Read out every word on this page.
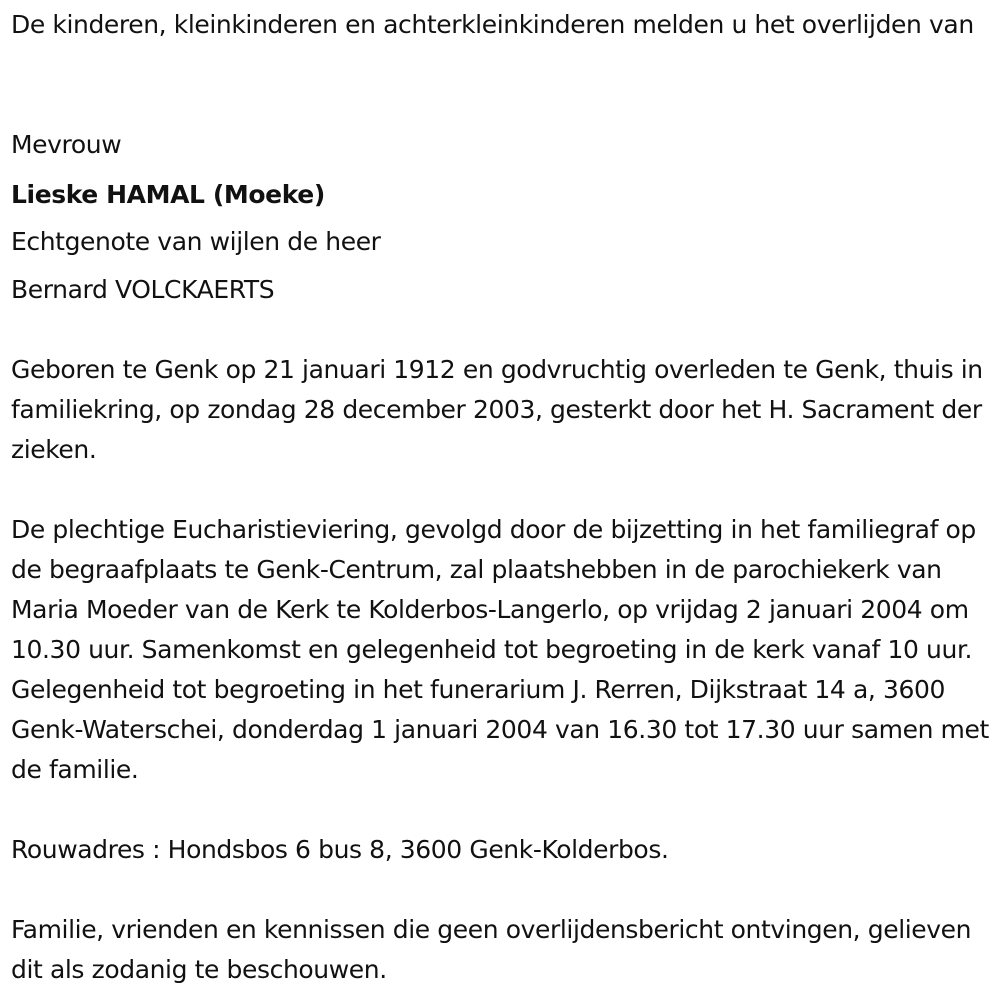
De kinderen, kleinkinderen en achterkleinkinderen melden u het overlijden van

Mevrouw

Lieske HAMAL (Moeke)

Echtgenote van wijlen de heer

Bernard VOLCKAERTS

Geboren te Genk op 21 januari 1912 en godvruchtig overleden te Genk, thuis in familiekring, op zondag 28 december 2003, gesterkt door het H. Sacrament der zieken.

De plechtige Eucharistieviering, gevolgd door de bijzetting in het familiegraf op de begraafplaats te Genk-Centrum, zal plaatshebben in de parochiekerk van Maria Moeder van de Kerk te Kolderbos-Langerlo, op vrijdag 2 januari 2004 om 10.30 uur. Samenkomst en gelegenheid tot begroeting in de kerk vanaf 10 uur. Gelegenheid tot begroeting in het funerarium J. Rerren, Dijkstraat 14 a, 3600 Genk-Waterschei, donderdag 1 januari 2004 van 16.30 tot 17.30 uur samen met de familie.

Rouwadres : Hondsbos 6 bus 8, 3600 Genk-Kolderbos.

Familie, vrienden en kennissen die geen overlijdensbericht ontvingen, gelieven dit als zodanig te beschouwen.
